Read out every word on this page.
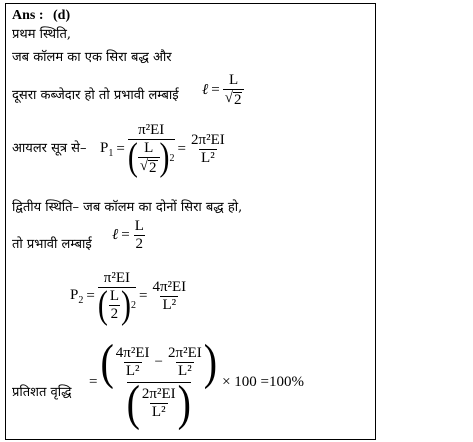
Ans : (d)
प्रथम स्थिति,
जब कॉलम का एक सिरा बद्ध और
दूसरा कब्जेदार हो तो प्रभावी लम्बाई ℓ = $\frac{L}{√ 2}$
आयलर सूत्र से– $P_1 = \pi^2EI$
( L
√ 2 ) $2 = \frac{\text{2π²EI}}{\text{L²}}$
द्वितीय स्थिति– जब कॉलम का दोनों सिरा बद्ध हो,
तो प्रभावी लम्बाई
ℓ = $\frac{L}{2}$
$P_2 = \pi^2EI$
( L
2 ) $2 = \frac{\text{4π²EI}}{\text{L²}}$
प्रतिशत वृद्धि
= ( 4π²EI
L²
− $\frac{\text{2π²EI}}{\text{L²}}$ )
( 2π²EI
L² ) × 100 =100%
